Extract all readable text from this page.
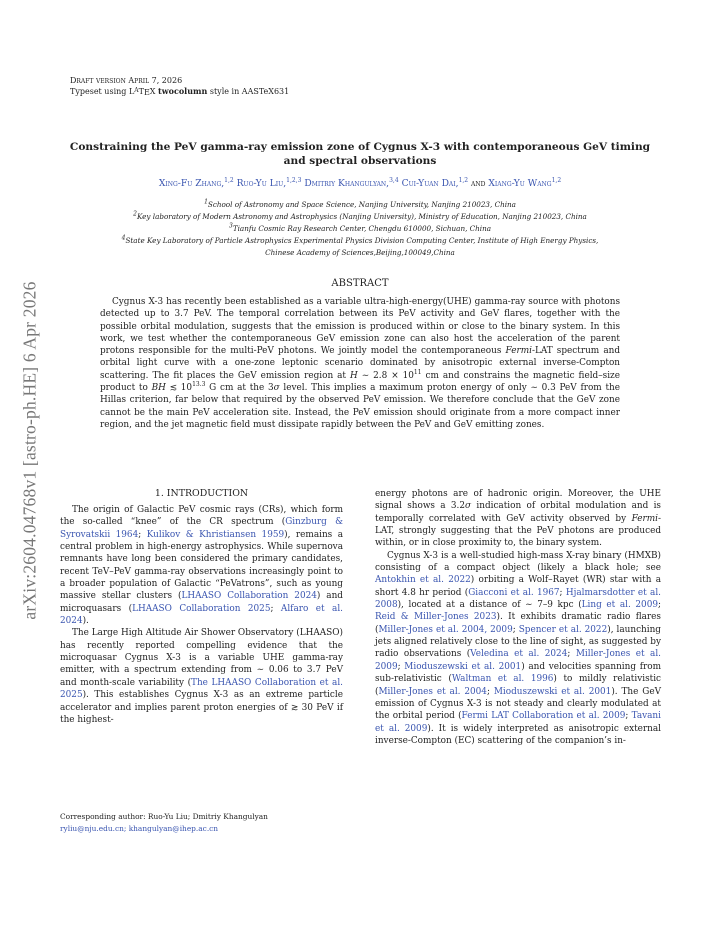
arXiv:2604.04768v1 [astro-ph.HE] 6 Apr 2026
Draft version April 7, 2026
Typeset using $L^ATEX$ twocolumn style in AASTeX631
Constraining the PeV gamma-ray emission zone of Cygnus X-3 with contemporaneous GeV timing and spectral observations
Xing-Fu Zhang,$^{1,2}$ Ruo-Yu Liu,$^{1,2,3}$ Dmitriy Khangulyan,$^{3,4}$ Cui-Yuan Dai,$^{1,2}$ and Xiang-Yu Wang$^{1,2}$
$^1$School of Astronomy and Space Science, Nanjing University, Nanjing 210023, China
$^2$Key laboratory of Modern Astronomy and Astrophysics (Nanjing University), Ministry of Education, Nanjing 210023, China
$^3$Tianfu Cosmic Ray Research Center, Chengdu 610000, Sichuan, China
$^4$State Key Laboratory of Particle Astrophysics Experimental Physics Division Computing Center, Institute of High Energy Physics,
Chinese Academy of Sciences,Beijing,100049,China
ABSTRACT
Cygnus X-3 has recently been established as a variable ultra-high-energy(UHE) gamma-ray source with photons detected up to 3.7 PeV. The temporal correlation between its PeV activity and GeV flares, together with the possible orbital modulation, suggests that the emission is produced within or close to the binary system. In this work, we test whether the contemporaneous GeV emission zone can also host the acceleration of the parent protons responsible for the multi-PeV photons. We jointly model the contemporaneous Fermi-LAT spectrum and orbital light curve with a one-zone leptonic scenario dominated by anisotropic external inverse-Compton scattering. The fit places the GeV emission region at H ∼ $2.8 \times 10^{11}$ cm and constrains the magnetic field–size product to BH ≲ $10^{13.3}$ G cm at the 3σ level. This implies a maximum proton energy of only ∼ 0.3 PeV from the Hillas criterion, far below that required by the observed PeV emission. We therefore conclude that the GeV zone cannot be the main PeV acceleration site. Instead, the PeV emission should originate from a more compact inner region, and the jet magnetic field must dissipate rapidly between the PeV and GeV emitting zones.
1. INTRODUCTION

The origin of Galactic PeV cosmic rays (CRs), which form the so-called “knee” of the CR spectrum (Ginzburg & Syrovatskii 1964; Kulikov & Khristiansen 1959), remains a central problem in high-energy astrophysics. While supernova remnants have long been considered the primary candidates, recent TeV–PeV gamma-ray observations increasingly point to a broader population of Galactic “PeVatrons”, such as young massive stellar clusters (LHAASO Collaboration 2024) and microquasars (LHAASO Collaboration 2025; Alfaro et al. 2024).

The Large High Altitude Air Shower Observatory (LHAASO) has recently reported compelling evidence that the microquasar Cygnus X-3 is a variable UHE gamma-ray emitter, with a spectrum extending from ∼ 0.06 to 3.7 PeV and month-scale variability (The LHAASO Collaboration et al. 2025). This establishes Cygnus X-3 as an extreme particle accelerator and implies parent proton energies of ≳ 30 PeV if the highest-

energy photons are of hadronic origin. Moreover, the UHE signal shows a 3.2σ indication of orbital modulation and is temporally correlated with GeV activity observed by Fermi-LAT, strongly suggesting that the PeV photons are produced within, or in close proximity to, the binary system.

Cygnus X-3 is a well-studied high-mass X-ray binary (HMXB) consisting of a compact object (likely a black hole; see Antokhin et al. 2022) orbiting a Wolf–Rayet (WR) star with a short 4.8 hr period (Giacconi et al. 1967; Hjalmarsdotter et al. 2008), located at a distance of ∼ 7–9 kpc (Ling et al. 2009; Reid & Miller-Jones 2023). It exhibits dramatic radio flares (Miller-Jones et al. 2004, 2009; Spencer et al. 2022), launching jets aligned relatively close to the line of sight, as suggested by radio observations (Veledina et al. 2024; Miller-Jones et al. 2009; Mioduszewski et al. 2001) and velocities spanning from sub-relativistic (Waltman et al. 1996) to mildly relativistic (Miller-Jones et al. 2004; Mioduszewski et al. 2001). The GeV emission of Cygnus X-3 is not steady and clearly modulated at the orbital period (Fermi LAT Collaboration et al. 2009; Tavani et al. 2009). It is widely interpreted as anisotropic external inverse-Compton (EC) scattering of the companion’s in-

Corresponding author: Ruo-Yu Liu; Dmitriy Khangulyan
ryliu@nju.edu.cn; khangulyan@ihep.ac.cn
